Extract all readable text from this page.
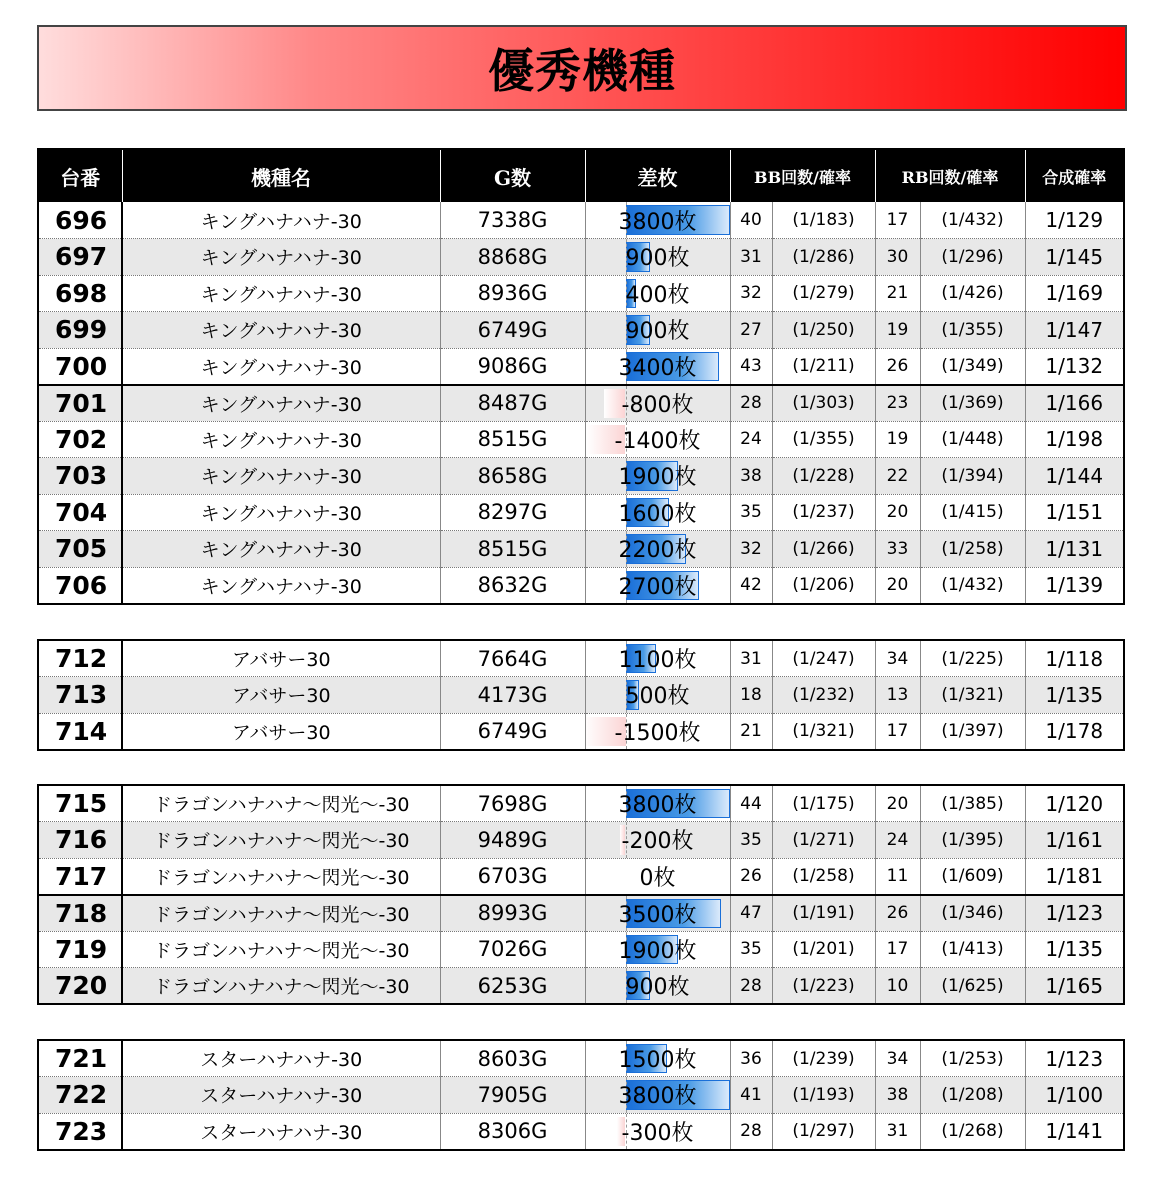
優秀機種
台番	機種名	G数	差枚	BB回数/確率		RB回数/確率		合成確率
696	キングハナハナ-30	7338G	3800枚	40	(1/183)	17	(1/432)	1/129
697	キングハナハナ-30	8868G	900枚	31	(1/286)	30	(1/296)	1/145
698	キングハナハナ-30	8936G	400枚	32	(1/279)	21	(1/426)	1/169
699	キングハナハナ-30	6749G	900枚	27	(1/250)	19	(1/355)	1/147
700	キングハナハナ-30	9086G	3400枚	43	(1/211)	26	(1/349)	1/132
701	キングハナハナ-30	8487G	-800枚	28	(1/303)	23	(1/369)	1/166
702	キングハナハナ-30	8515G	-1400枚	24	(1/355)	19	(1/448)	1/198
703	キングハナハナ-30	8658G	1900枚	38	(1/228)	22	(1/394)	1/144
704	キングハナハナ-30	8297G	1600枚	35	(1/237)	20	(1/415)	1/151
705	キングハナハナ-30	8515G	2200枚	32	(1/266)	33	(1/258)	1/131
706	キングハナハナ-30	8632G	2700枚	42	(1/206)	20	(1/432)	1/139
712	アバサー30	7664G	1100枚	31	(1/247)	34	(1/225)	1/118
713	アバサー30	4173G	500枚	18	(1/232)	13	(1/321)	1/135
714	アバサー30	6749G	-1500枚	21	(1/321)	17	(1/397)	1/178
715	ドラゴンハナハナ～閃光～-30	7698G	3800枚	44	(1/175)	20	(1/385)	1/120
716	ドラゴンハナハナ～閃光～-30	9489G	-200枚	35	(1/271)	24	(1/395)	1/161
717	ドラゴンハナハナ～閃光～-30	6703G	0枚	26	(1/258)	11	(1/609)	1/181
718	ドラゴンハナハナ～閃光～-30	8993G	3500枚	47	(1/191)	26	(1/346)	1/123
719	ドラゴンハナハナ～閃光～-30	7026G	1900枚	35	(1/201)	17	(1/413)	1/135
720	ドラゴンハナハナ～閃光～-30	6253G	900枚	28	(1/223)	10	(1/625)	1/165
721	スターハナハナ-30	8603G	1500枚	36	(1/239)	34	(1/253)	1/123
722	スターハナハナ-30	7905G	3800枚	41	(1/193)	38	(1/208)	1/100
723	スターハナハナ-30	8306G	-300枚	28	(1/297)	31	(1/268)	1/141
